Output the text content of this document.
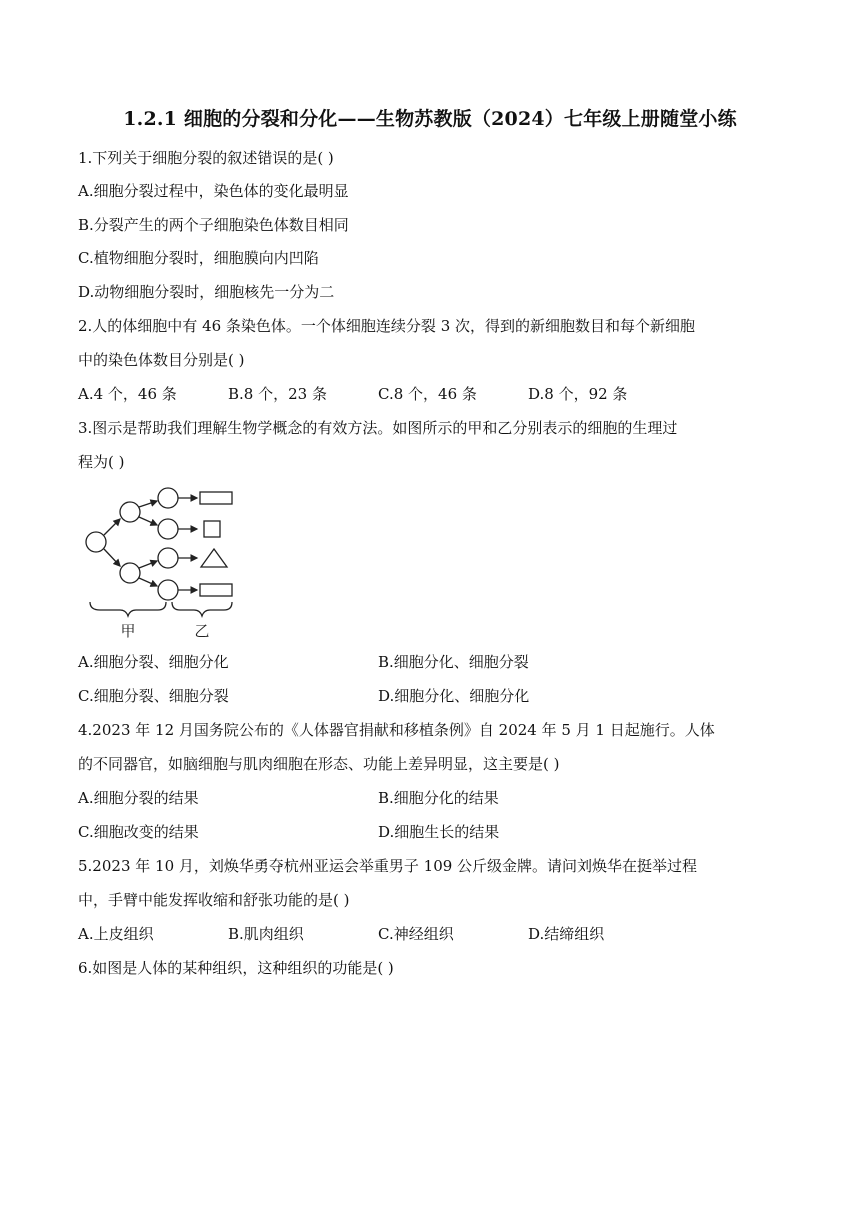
1.2.1 细胞的分裂和分化——生物苏教版（2024）七年级上册随堂小练
1.下列关于细胞分裂的叙述错误的是( )
A.细胞分裂过程中，染色体的变化最明显
B.分裂产生的两个子细胞染色体数目相同
C.植物细胞分裂时，细胞膜向内凹陷
D.动物细胞分裂时，细胞核先一分为二
2.人的体细胞中有 46 条染色体。一个体细胞连续分裂 3 次，得到的新细胞数目和每个新细胞
中的染色体数目分别是( )
A.4 个，46 条	B.8 个，23 条	C.8 个，46 条	D.8 个，92 条
3.图示是帮助我们理解生物学概念的有效方法。如图所示的甲和乙分别表示的细胞的生理过
程为( )
甲	乙
A.细胞分裂、细胞分化	B.细胞分化、细胞分裂
C.细胞分裂、细胞分裂	D.细胞分化、细胞分化
4.2023 年 12 月国务院公布的《人体器官捐献和移植条例》自 2024 年 5 月 1 日起施行。人体
的不同器官，如脑细胞与肌肉细胞在形态、功能上差异明显，这主要是( )
A.细胞分裂的结果	B.细胞分化的结果
C.细胞改变的结果	D.细胞生长的结果
5.2023 年 10 月，刘焕华勇夺杭州亚运会举重男子 109 公斤级金牌。请问刘焕华在挺举过程
中，手臂中能发挥收缩和舒张功能的是( )
A.上皮组织	B.肌肉组织	C.神经组织	D.结缔组织
6.如图是人体的某种组织，这种组织的功能是( )
